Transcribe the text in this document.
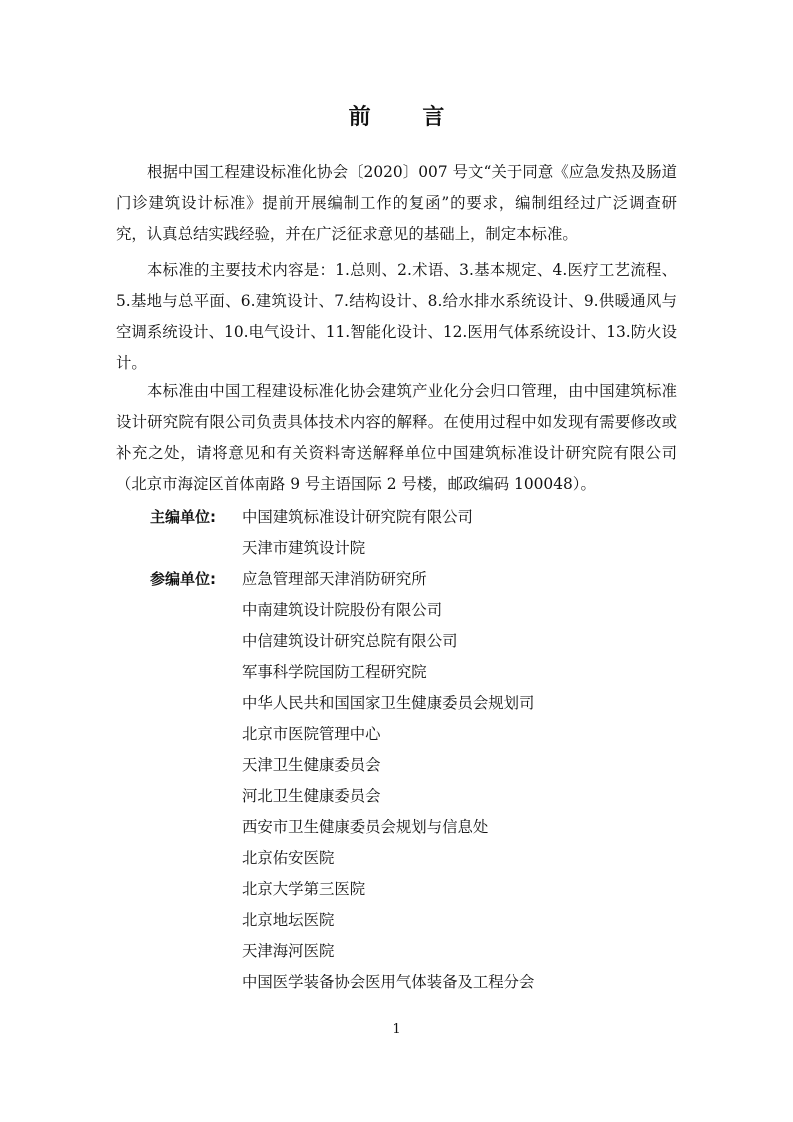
前 言

根据中国工程建设标准化协会〔2020〕007 号文“关于同意《应急发热及肠道门诊建筑设计标准》提前开展编制工作的复函”的要求，编制组经过广泛调查研究，认真总结实践经验，并在广泛征求意见的基础上，制定本标准。

本标准的主要技术内容是：1.总则、2.术语、3.基本规定、4.医疗工艺流程、5.基地与总平面、6.建筑设计、7.结构设计、8.给水排水系统设计、9.供暖通风与空调系统设计、10.电气设计、11.智能化设计、12.医用气体系统设计、13.防火设计。

本标准由中国工程建设标准化协会建筑产业化分会归口管理，由中国建筑标准设计研究院有限公司负责具体技术内容的解释。在使用过程中如发现有需要修改或补充之处，请将意见和有关资料寄送解释单位中国建筑标准设计研究院有限公司（北京市海淀区首体南路 9 号主语国际 2 号楼，邮政编码 100048）。

主编单位:	中国建筑标准设计研究院有限公司
天津市建筑设计院
参编单位:	应急管理部天津消防研究所
中南建筑设计院股份有限公司
中信建筑设计研究总院有限公司
军事科学院国防工程研究院
中华人民共和国国家卫生健康委员会规划司
北京市医院管理中心
天津卫生健康委员会
河北卫生健康委员会
西安市卫生健康委员会规划与信息处
北京佑安医院
北京大学第三医院
北京地坛医院
天津海河医院
中国医学装备协会医用气体装备及工程分会
1
